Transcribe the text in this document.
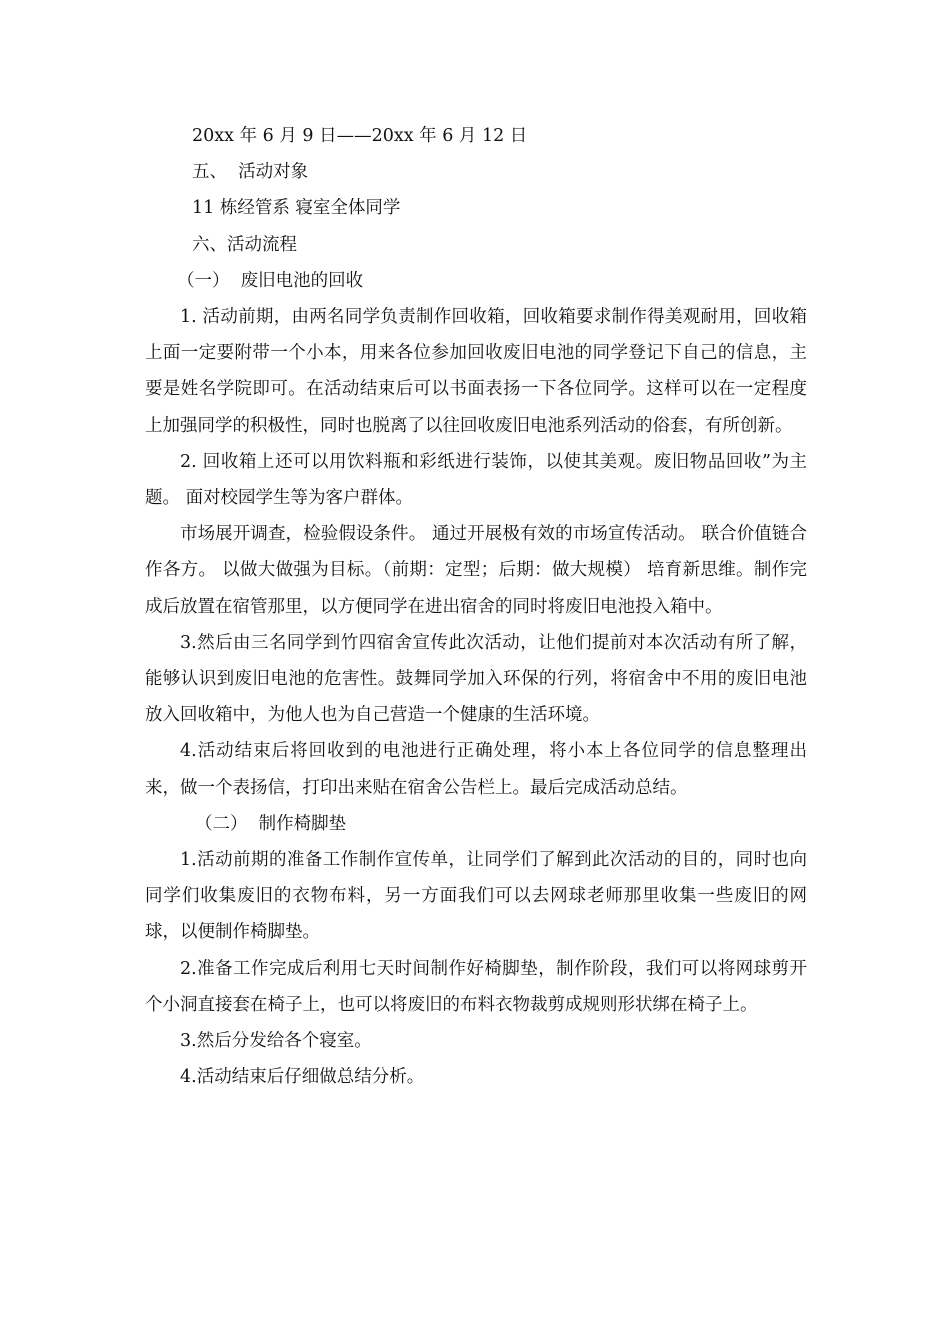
20xx 年 6 月 9 日——20xx 年 6 月 12 日
五、  活动对象
11 栋经管系 寝室全体同学
六、活动流程
（一）  废旧电池的回收

1. 活动前期，由两名同学负责制作回收箱，回收箱要求制作得美观耐用，回收箱上面一定要附带一个小本，用来各位参加回收废旧电池的同学登记下自己的信息，主要是姓名学院即可。在活动结束后可以书面表扬一下各位同学。这样可以在一定程度上加强同学的积极性，同时也脱离了以往回收废旧电池系列活动的俗套，有所创新。

2. 回收箱上还可以用饮料瓶和彩纸进行装饰，以使其美观。废旧物品回收”为主题。 面对校园学生等为客户群体。

市场展开调查，检验假设条件。 通过开展极有效的市场宣传活动。 联合价值链合作各方。 以做大做强为目标。（前期：定型；后期：做大规模） 培育新思维。制作完成后放置在宿管那里，以方便同学在进出宿舍的同时将废旧电池投入箱中。

3.然后由三名同学到竹四宿舍宣传此次活动，让他们提前对本次活动有所了解，能够认识到废旧电池的危害性。鼓舞同学加入环保的行列，将宿舍中不用的废旧电池放入回收箱中，为他人也为自己营造一个健康的生活环境。

4.活动结束后将回收到的电池进行正确处理，将小本上各位同学的信息整理出来，做一个表扬信，打印出来贴在宿舍公告栏上。最后完成活动总结。

（二）  制作椅脚垫

1.活动前期的准备工作制作宣传单，让同学们了解到此次活动的目的，同时也向同学们收集废旧的衣物布料，另一方面我们可以去网球老师那里收集一些废旧的网球，以便制作椅脚垫。

2.准备工作完成后利用七天时间制作好椅脚垫，制作阶段，我们可以将网球剪开个小洞直接套在椅子上，也可以将废旧的布料衣物裁剪成规则形状绑在椅子上。

3.然后分发给各个寝室。

4.活动结束后仔细做总结分析。
